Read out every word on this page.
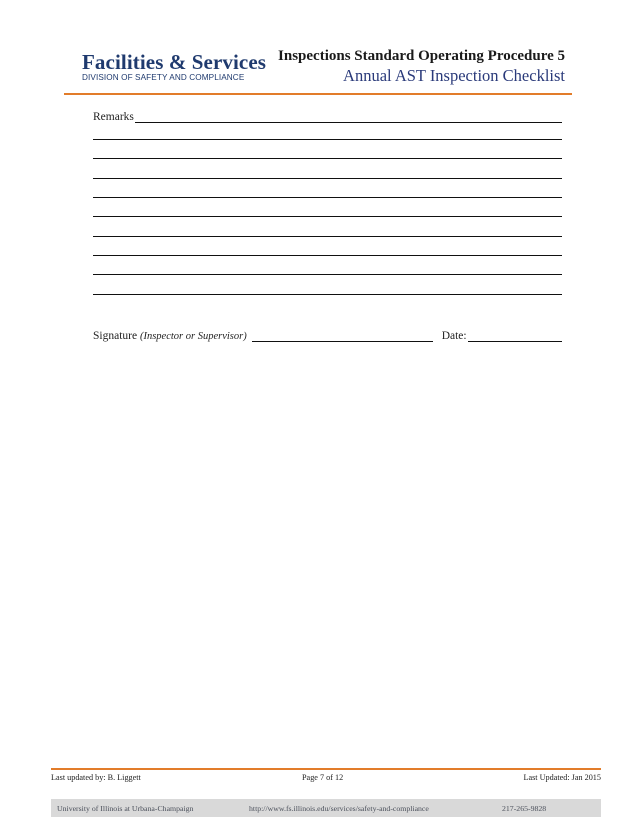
Facilities & Services
DIVISION OF SAFETY AND COMPLIANCE
Inspections Standard Operating Procedure 5
Annual AST Inspection Checklist
Remarks
Signature (Inspector or Supervisor)	Date:
Last updated by: B. Liggett	Page 7 of 12	Last Updated: Jan 2015
University of Illinois at Urbana-Champaign	http://www.fs.illinois.edu/services/safety-and-compliance	217-265-9828
